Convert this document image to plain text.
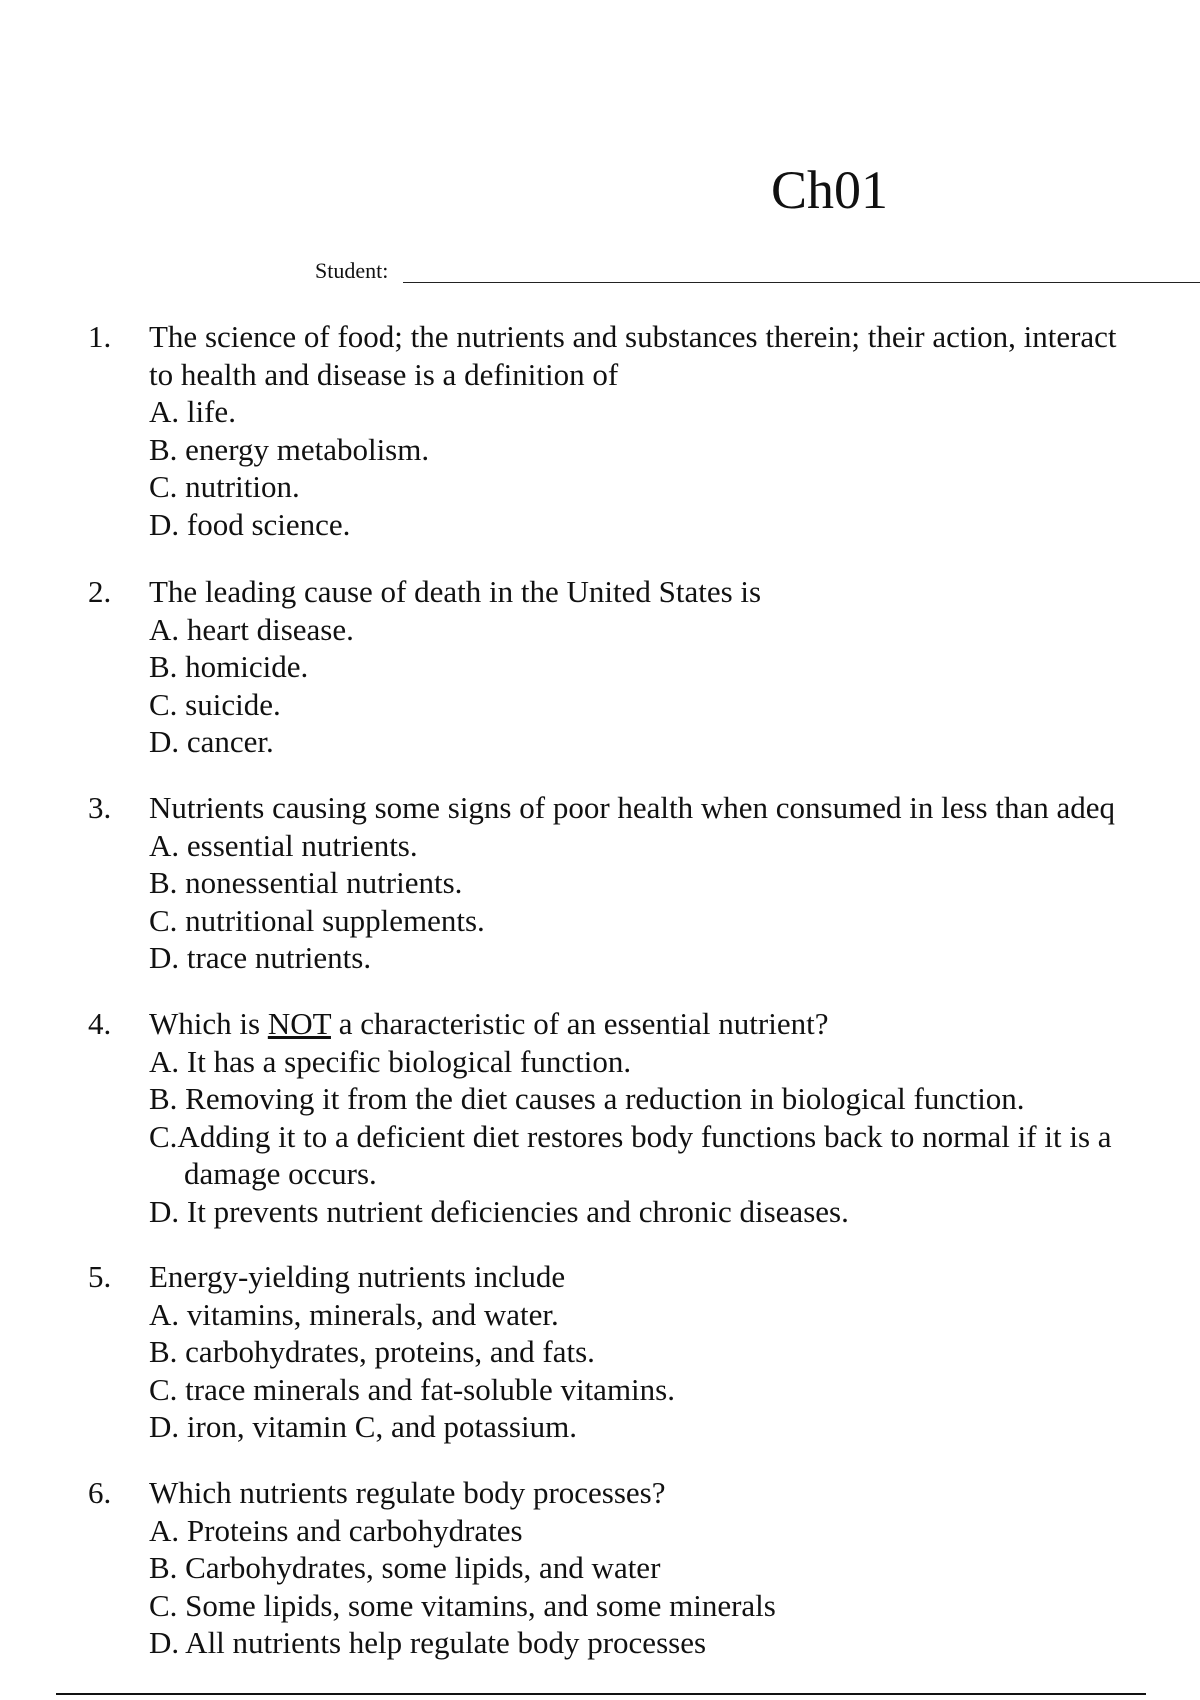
Ch01
Student:
1. The science of food; the nutrients and substances therein; their action, interact
to health and disease is a definition of
A. life.
B. energy metabolism.
C. nutrition.
D. food science.
2. The leading cause of death in the United States is
A. heart disease.
B. homicide.
C. suicide.
D. cancer.
3. Nutrients causing some signs of poor health when consumed in less than adeq
A. essential nutrients.
B. nonessential nutrients.
C. nutritional supplements.
D. trace nutrients.
4. Which is NOT a characteristic of an essential nutrient?
A. It has a specific biological function.
B. Removing it from the diet causes a reduction in biological function.
C.Adding it to a deficient diet restores body functions back to normal if it is a
damage occurs.
D. It prevents nutrient deficiencies and chronic diseases.
5. Energy-yielding nutrients include
A. vitamins, minerals, and water.
B. carbohydrates, proteins, and fats.
C. trace minerals and fat-soluble vitamins.
D. iron, vitamin C, and potassium.
6. Which nutrients regulate body processes?
A. Proteins and carbohydrates
B. Carbohydrates, some lipids, and water
C. Some lipids, some vitamins, and some minerals
D. All nutrients help regulate body processes
